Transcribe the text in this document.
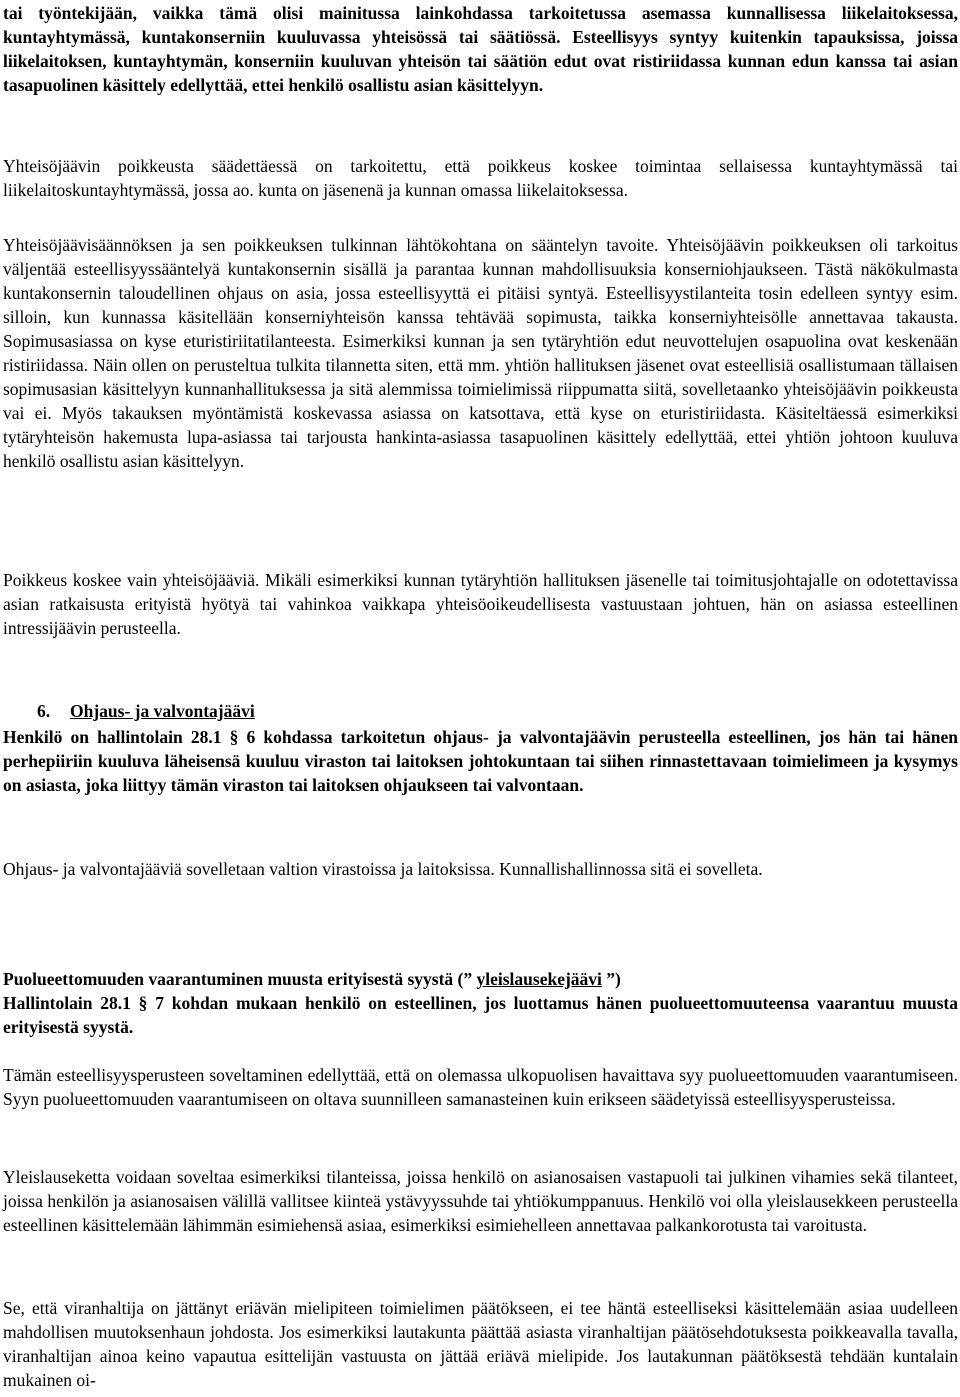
tai työntekijään, vaikka tämä olisi mainitussa lainkohdassa tarkoitetussa asemassa kunnallisessa liikelaitoksessa, kuntayhtymässä, kuntakonserniin kuuluvassa yhteisössä tai säätiössä. Esteellisyys syntyy kuitenkin tapauksissa, joissa liikelaitoksen, kuntayhtymän, konserniin kuuluvan yhteisön tai säätiön edut ovat ristiriidassa kunnan edun kanssa tai asian tasapuolinen käsittely edellyttää, ettei henkilö osallistu asian käsittelyyn.

Yhteisöjäävin poikkeusta säädettäessä on tarkoitettu, että poikkeus koskee toimintaa sellaisessa kuntayhtymässä tai liikelaitoskuntayhtymässä, jossa ao. kunta on jäsenenä ja kunnan omassa liikelaitoksessa.

Yhteisöjäävisäännöksen ja sen poikkeuksen tulkinnan lähtökohtana on sääntelyn tavoite. Yhteisöjäävin poikkeuksen oli tarkoitus väljentää esteellisyyssääntelyä kuntakonsernin sisällä ja parantaa kunnan mahdollisuuksia konserniohjaukseen. Tästä näkökulmasta kuntakonsernin taloudellinen ohjaus on asia, jossa esteellisyyttä ei pitäisi syntyä. Esteellisyystilanteita tosin edelleen syntyy esim. silloin, kun kunnassa käsitellään konserniyhteisön kanssa tehtävää sopimusta, taikka konserniyhteisölle annettavaa takausta. Sopimusasiassa on kyse eturistiriitatilanteesta. Esimerkiksi kunnan ja sen tytäryhtiön edut neuvottelujen osapuolina ovat keskenään ristiriidassa. Näin ollen on perusteltua tulkita tilannetta siten, että mm. yhtiön hallituksen jäsenet ovat esteellisiä osallistumaan tällaisen sopimusasian käsittelyyn kunnanhallituksessa ja sitä alemmissa toimielimissä riippumatta siitä, sovelletaanko yhteisöjäävin poikkeusta vai ei. Myös takauksen myöntämistä koskevassa asiassa on katsottava, että kyse on eturistiriidasta. Käsiteltäessä esimerkiksi tytäryhteisön hakemusta lupa-asiassa tai tarjousta hankinta-asiassa tasapuolinen käsittely edellyttää, ettei yhtiön johtoon kuuluva henkilö osallistu asian käsittelyyn.

Poikkeus koskee vain yhteisöjääviä. Mikäli esimerkiksi kunnan tytäryhtiön hallituksen jäsenelle tai toimitusjohtajalle on odotettavissa asian ratkaisusta erityistä hyötyä tai vahinkoa vaikkapa yhteisöoikeudellisesta vastuustaan johtuen, hän on asiassa esteellinen intressijäävin perusteella.

6. Ohjaus- ja valvontajäävi

Henkilö on hallintolain 28.1 § 6 kohdassa tarkoitetun ohjaus- ja valvontajäävin perusteella esteellinen, jos hän tai hänen perhepiiriin kuuluva läheisensä kuuluu viraston tai laitoksen johtokuntaan tai siihen rinnastettavaan toimielimeen ja kysymys on asiasta, joka liittyy tämän viraston tai laitoksen ohjaukseen tai valvontaan.

Ohjaus- ja valvontajääviä sovelletaan valtion virastoissa ja laitoksissa. Kunnallishallinnossa sitä ei sovelleta.

Puolueettomuuden vaarantuminen muusta erityisestä syystä (” yleislausekejäävi ”)
Hallintolain 28.1 § 7 kohdan mukaan henkilö on esteellinen, jos luottamus hänen puolueettomuuteensa vaarantuu muusta erityisestä syystä.

Tämän esteellisyysperusteen soveltaminen edellyttää, että on olemassa ulkopuolisen havaittava syy puolueettomuuden vaarantumiseen. Syyn puolueettomuuden vaarantumiseen on oltava suunnilleen samanasteinen kuin erikseen säädetyissä esteellisyysperusteissa.

Yleislauseketta voidaan soveltaa esimerkiksi tilanteissa, joissa henkilö on asianosaisen vastapuoli tai julkinen vihamies sekä tilanteet, joissa henkilön ja asianosaisen välillä vallitsee kiinteä ystävyyssuhde tai yhtiökumppanuus. Henkilö voi olla yleislausekkeen perusteella esteellinen käsittelemään lähimmän esimiehensä asiaa, esimerkiksi esimiehelleen annettavaa palkankorotusta tai varoitusta.

Se, että viranhaltija on jättänyt eriävän mielipiteen toimielimen päätökseen, ei tee häntä esteelliseksi käsittelemään asiaa uudelleen mahdollisen muutoksenhaun johdosta. Jos esimerkiksi lautakunta päättää asiasta viranhaltijan päätösehdotuksesta poikkeavalla tavalla, viranhaltijan ainoa keino vapautua esittelijän vastuusta on jättää eriävä mielipide. Jos lautakunnan päätöksestä tehdään kuntalain mukainen oi-
